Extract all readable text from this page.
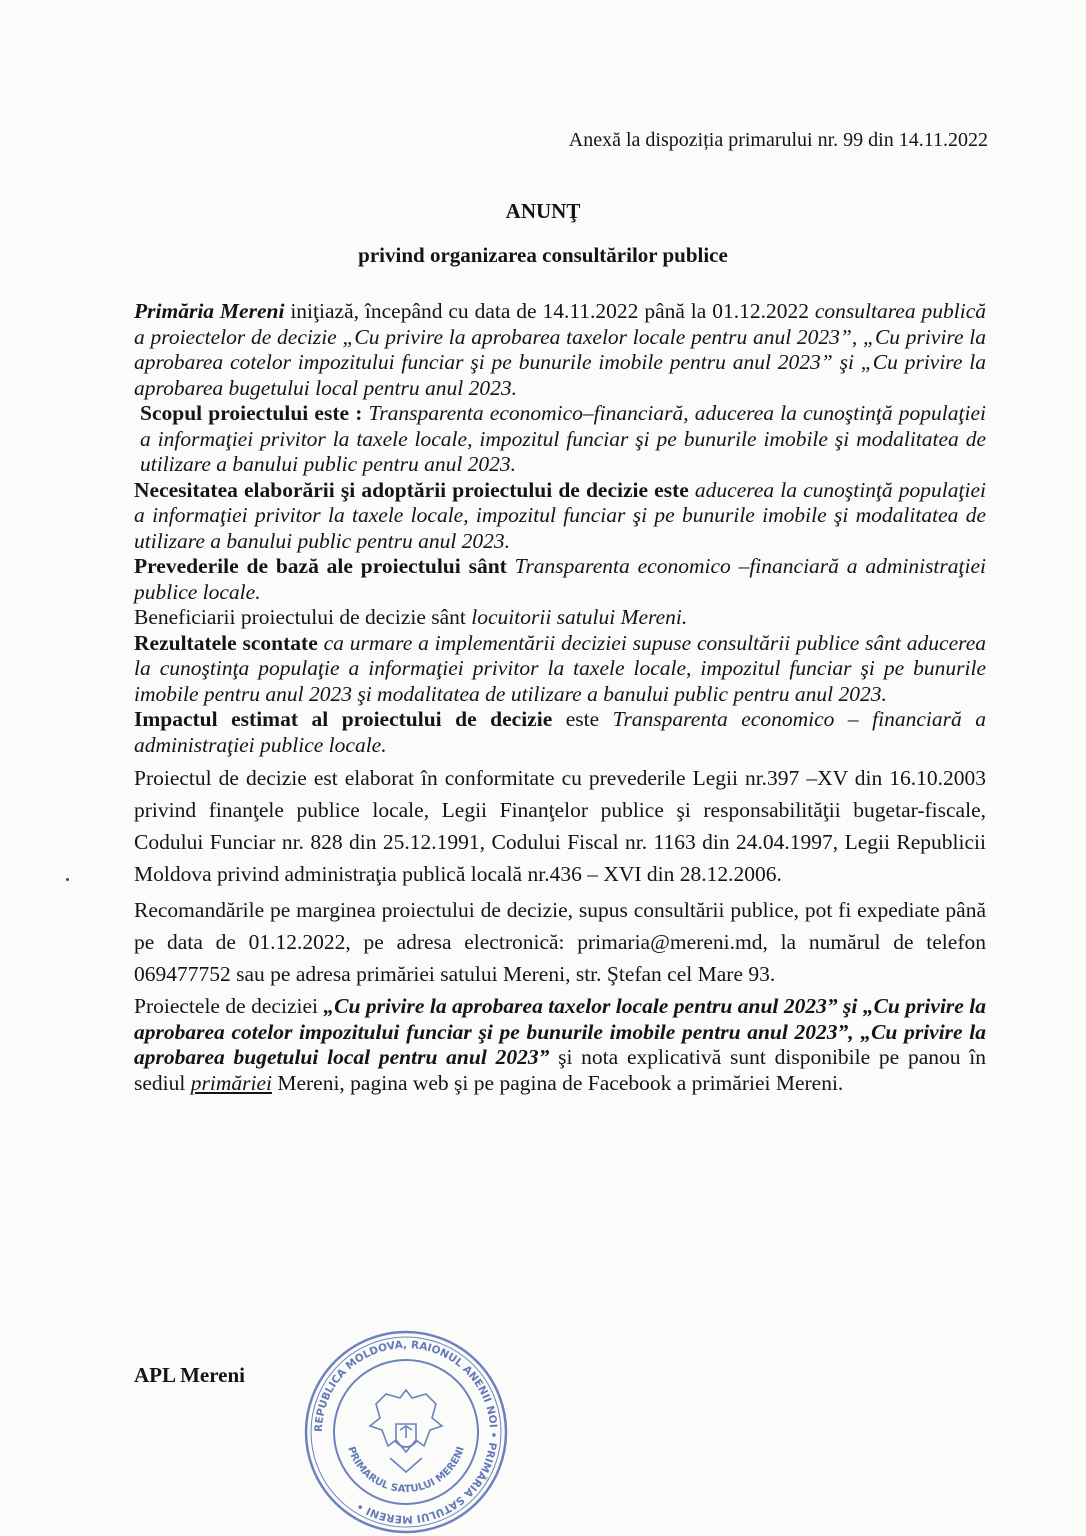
Anexă la dispoziția primarului nr. 99 din 14.11.2022
ANUNŢ
privind organizarea consultărilor publice

Primăria Mereni iniţiază, începând cu data de 14.11.2022 până la 01.12.2022 consultarea publică a proiectelor de decizie „Cu privire la aprobarea taxelor locale pentru anul 2023”, „Cu privire la aprobarea cotelor impozitului funciar şi pe bunurile imobile pentru anul 2023” şi „Cu privire la aprobarea bugetului local pentru anul 2023.

Scopul proiectului este : Transparenta economico–financiară, aducerea la cunoştinţă populaţiei a informaţiei privitor la taxele locale, impozitul funciar şi pe bunurile imobile şi modalitatea de utilizare a banului public pentru anul 2023.

Necesitatea elaborării şi adoptării proiectului de decizie este aducerea la cunoştinţă populaţiei a informaţiei privitor la taxele locale, impozitul funciar şi pe bunurile imobile şi modalitatea de utilizare a banului public pentru anul 2023.

Prevederile de bază ale proiectului sânt Transparenta economico –financiară a administraţiei publice locale.

Beneficiarii proiectului de decizie sânt locuitorii satului Mereni.

Rezultatele scontate ca urmare a implementării deciziei supuse consultării publice sânt aducerea la cunoştinţa populaţie a informaţiei privitor la taxele locale, impozitul funciar şi pe bunurile imobile pentru anul 2023 şi modalitatea de utilizare a banului public pentru anul 2023.

Impactul estimat al proiectului de decizie este Transparenta economico – financiară a administraţiei publice locale.

Proiectul de decizie est elaborat în conformitate cu prevederile Legii nr.397 –XV din 16.10.2003 privind finanţele publice locale, Legii Finanţelor publice şi responsabilităţii bugetar-fiscale, Codului Funciar nr. 828 din 25.12.1991, Codului Fiscal nr. 1163 din 24.04.1997, Legii Republicii Moldova privind administraţia publică locală nr.436 – XVI din 28.12.2006.

Recomandările pe marginea proiectului de decizie, supus consultării publice, pot fi expediate până pe data de 01.12.2022, pe adresa electronică: primaria@mereni.md, la numărul de telefon 069477752 sau pe adresa primăriei satului Mereni, str. Ştefan cel Mare 93.

Proiectele de deciziei „Cu privire la aprobarea taxelor locale pentru anul 2023” şi „Cu privire la aprobarea cotelor impozitului funciar şi pe bunurile imobile pentru anul 2023”, „Cu privire la aprobarea bugetului local pentru anul 2023” şi nota explicativă sunt disponibile pe panou în sediul primăriei Mereni, pagina web şi pe pagina de Facebook a primăriei Mereni.

APL Mereni
REPUBLICA MOLDOVA, RAIONUL ANENII NOI • PRIMĂRIA SATULUI MERENI •
PRIMARUL SATULUI MERENI
